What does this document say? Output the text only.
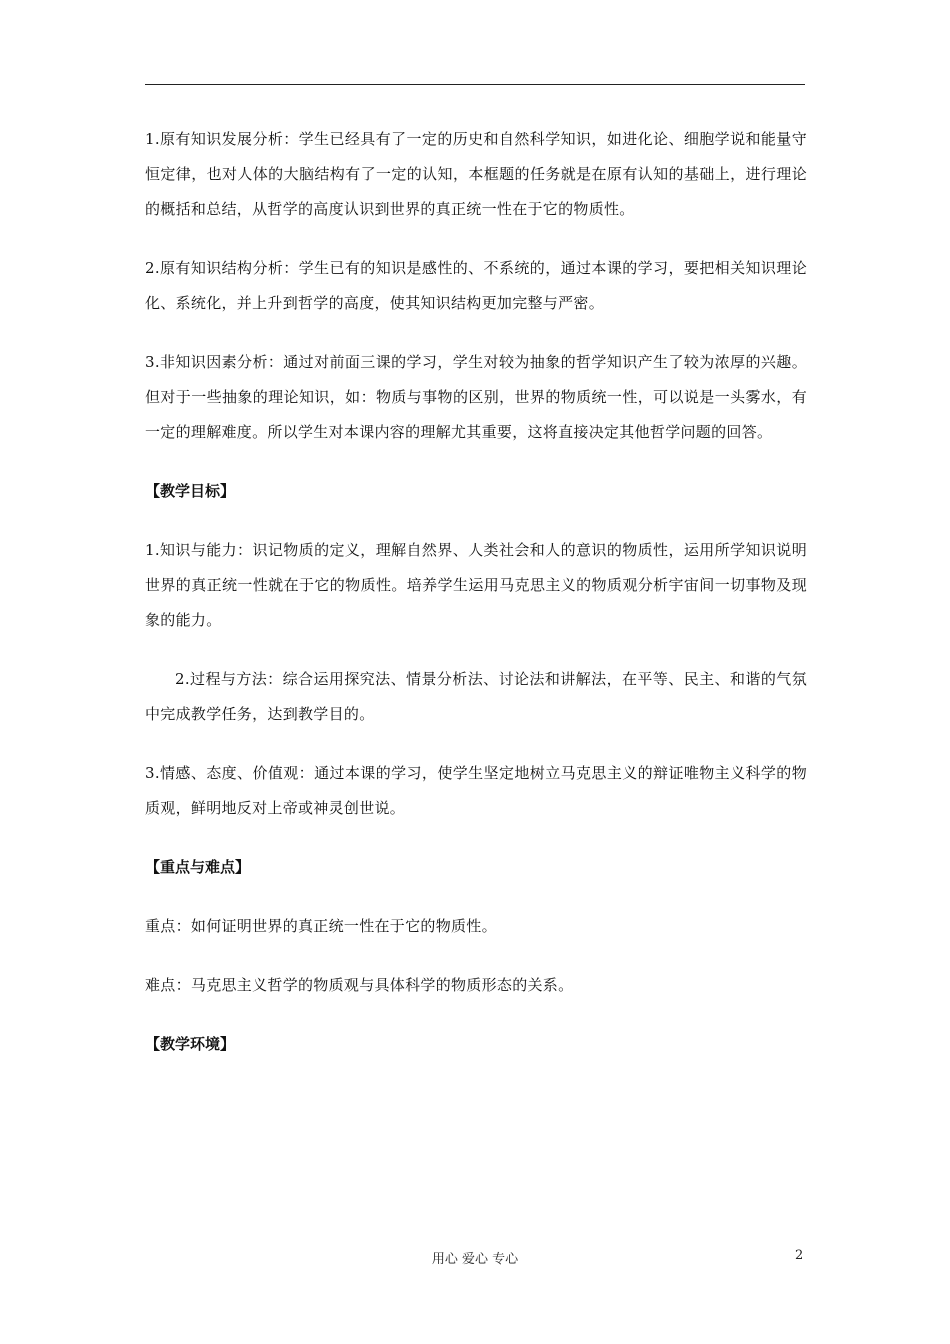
1.原有知识发展分析：学生已经具有了一定的历史和自然科学知识，如进化论、细胞学说和能量守恒定律，也对人体的大脑结构有了一定的认知，本框题的任务就是在原有认知的基础上，进行理论的概括和总结，从哲学的高度认识到世界的真正统一性在于它的物质性。

2.原有知识结构分析：学生已有的知识是感性的、不系统的，通过本课的学习，要把相关知识理论化、系统化，并上升到哲学的高度，使其知识结构更加完整与严密。

3.非知识因素分析：通过对前面三课的学习，学生对较为抽象的哲学知识产生了较为浓厚的兴趣。但对于一些抽象的理论知识，如：物质与事物的区别，世界的物质统一性，可以说是一头雾水，有一定的理解难度。所以学生对本课内容的理解尤其重要，这将直接决定其他哲学问题的回答。

【教学目标】

1.知识与能力：识记物质的定义，理解自然界、人类社会和人的意识的物质性，运用所学知识说明世界的真正统一性就在于它的物质性。培养学生运用马克思主义的物质观分析宇宙间一切事物及现象的能力。

2.过程与方法：综合运用探究法、情景分析法、讨论法和讲解法，在平等、民主、和谐的气氛中完成教学任务，达到教学目的。

3.情感、态度、价值观：通过本课的学习，使学生坚定地树立马克思主义的辩证唯物主义科学的物质观，鲜明地反对上帝或神灵创世说。

【重点与难点】

重点：如何证明世界的真正统一性在于它的物质性。

难点：马克思主义哲学的物质观与具体科学的物质形态的关系。

【教学环境】

用心 爱心 专心	2
